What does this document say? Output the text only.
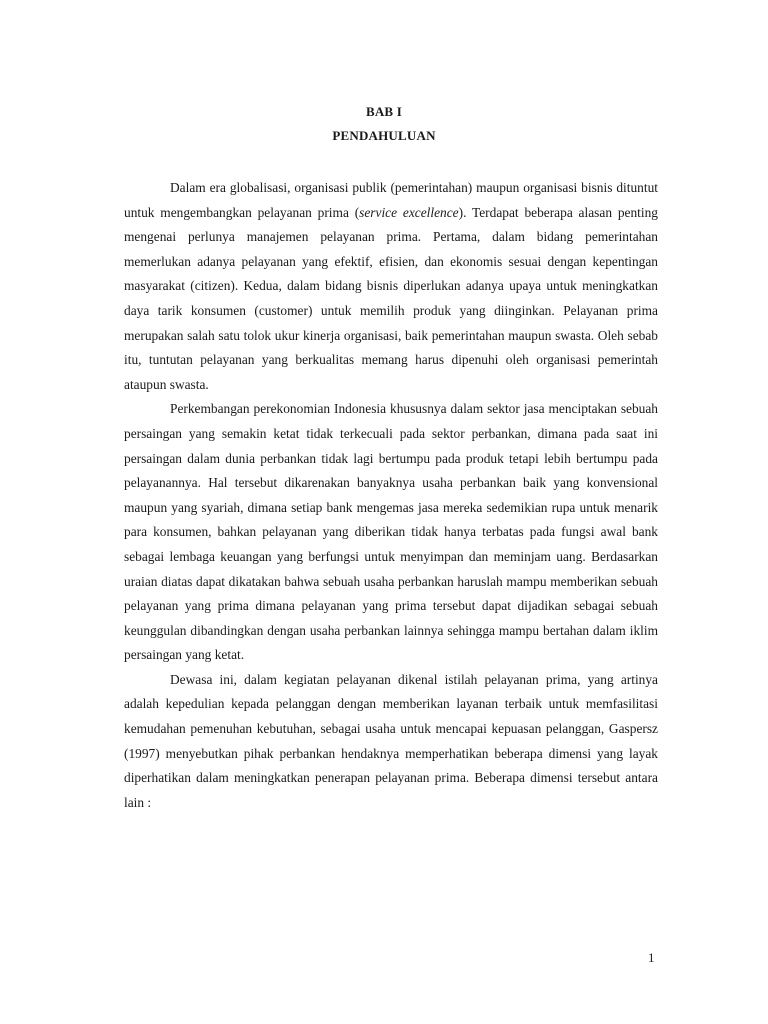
BAB I
PENDAHULUAN

Dalam era globalisasi, organisasi publik (pemerintahan) maupun organisasi bisnis dituntut untuk mengembangkan pelayanan prima (service excellence). Terdapat beberapa alasan penting mengenai perlunya manajemen pelayanan prima. Pertama, dalam bidang pemerintahan memerlukan adanya pelayanan yang efektif, efisien, dan ekonomis sesuai dengan kepentingan masyarakat (citizen). Kedua, dalam bidang bisnis diperlukan adanya upaya untuk meningkatkan daya tarik konsumen (customer) untuk memilih produk yang diinginkan. Pelayanan prima merupakan salah satu tolok ukur kinerja organisasi, baik pemerintahan maupun swasta. Oleh sebab itu, tuntutan pelayanan yang berkualitas memang harus dipenuhi oleh organisasi pemerintah ataupun swasta.

Perkembangan perekonomian Indonesia khususnya dalam sektor jasa menciptakan sebuah persaingan yang semakin ketat tidak terkecuali pada sektor perbankan, dimana pada saat ini persaingan dalam dunia perbankan tidak lagi bertumpu pada produk tetapi lebih bertumpu pada pelayanannya. Hal tersebut dikarenakan banyaknya usaha perbankan baik yang konvensional maupun yang syariah, dimana setiap bank mengemas jasa mereka sedemikian rupa untuk menarik para konsumen, bahkan pelayanan yang diberikan tidak hanya terbatas pada fungsi awal bank sebagai lembaga keuangan yang berfungsi untuk menyimpan dan meminjam uang. Berdasarkan uraian diatas dapat dikatakan bahwa sebuah usaha perbankan haruslah mampu memberikan sebuah pelayanan yang prima dimana pelayanan yang prima tersebut dapat dijadikan sebagai sebuah keunggulan dibandingkan dengan usaha perbankan lainnya sehingga mampu bertahan dalam iklim persaingan yang ketat.

Dewasa ini, dalam kegiatan pelayanan dikenal istilah pelayanan prima, yang artinya adalah kepedulian kepada pelanggan dengan memberikan layanan terbaik untuk memfasilitasi kemudahan pemenuhan kebutuhan, sebagai usaha untuk mencapai kepuasan pelanggan, Gaspersz (1997) menyebutkan pihak perbankan hendaknya memperhatikan beberapa dimensi yang layak diperhatikan dalam meningkatkan penerapan pelayanan prima. Beberapa dimensi tersebut antara lain :

1
